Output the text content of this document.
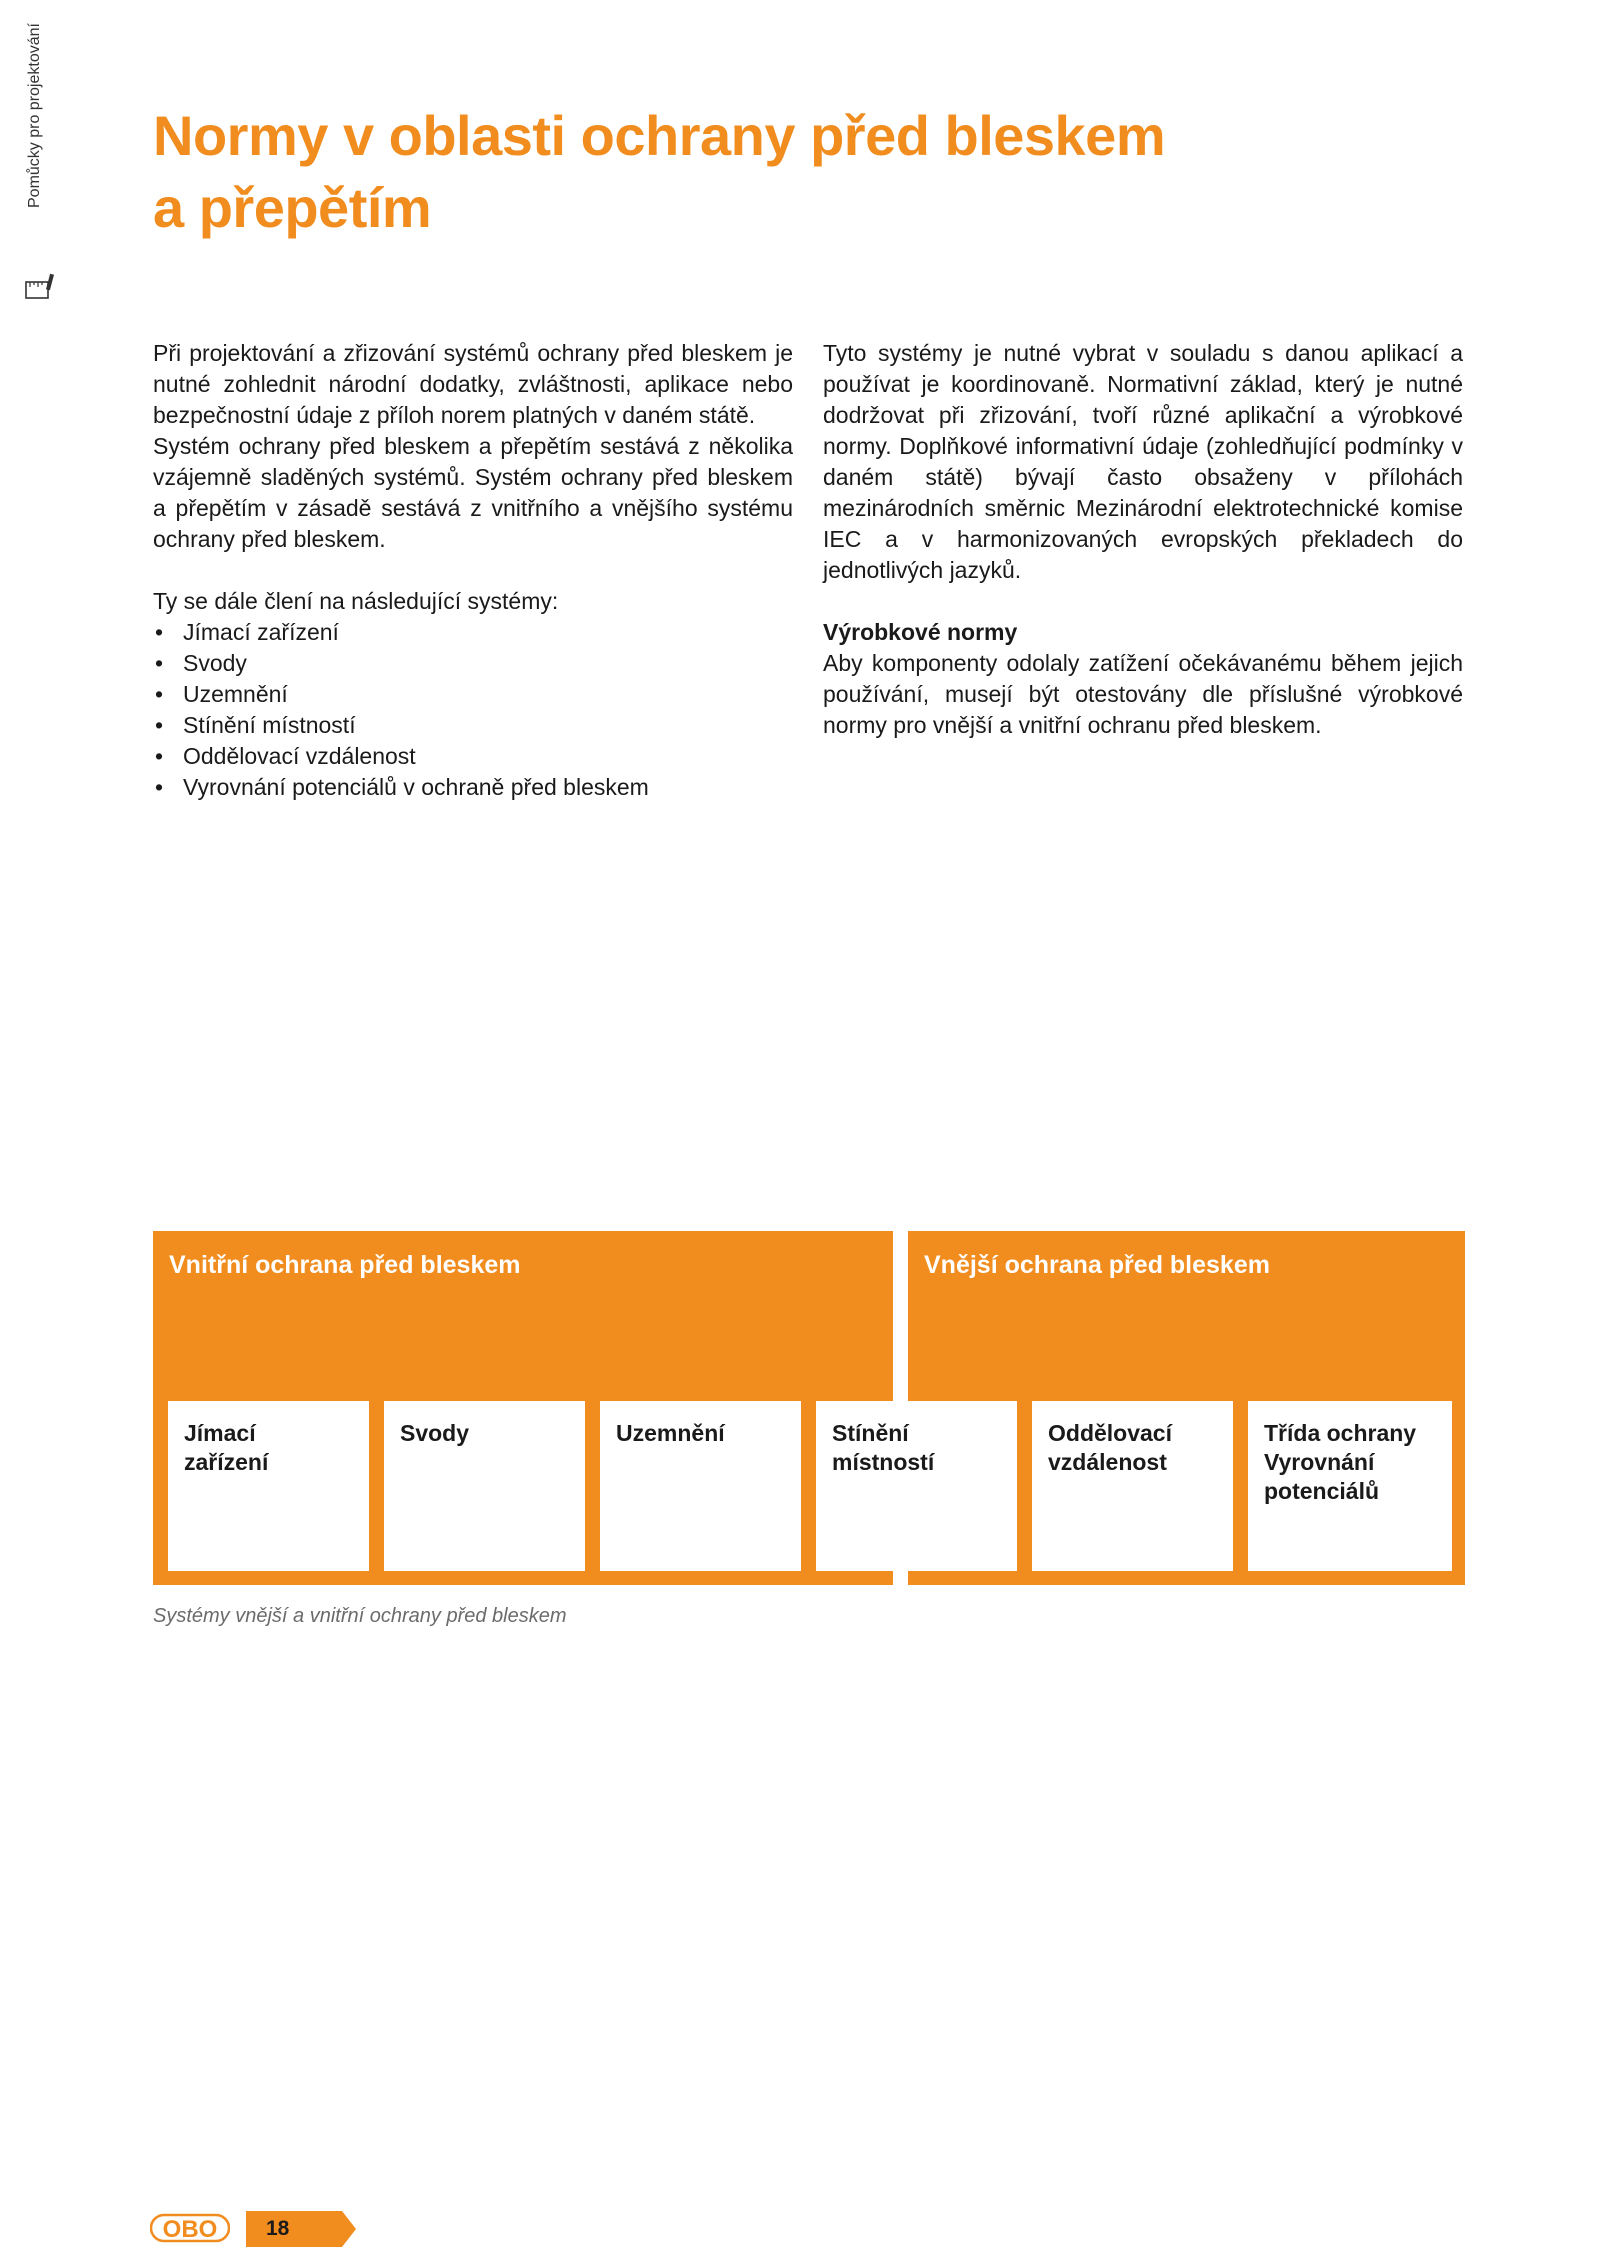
Pomůcky pro projektování Normy v oblasti ochrany před bleskem
a přepětím

Při projektování a zřizování systémů ochrany před bleskem je nutné zohlednit národní dodatky, zvláštnosti, aplikace nebo bezpečnostní údaje z příloh norem platných v daném státě.

Systém ochrany před bleskem a přepětím sestává z několika vzájemně sladěných systémů. Systém ochrany před bleskem a přepětím v zásadě sestává z vnitřního a vnějšího systému ochrany před bleskem.

Ty se dále člení na následující systémy:

• Jímací zařízení
• Svody
• Uzemnění
• Stínění místností
• Oddělovací vzdálenost
• Vyrovnání potenciálů v ochraně před bleskem

Tyto systémy je nutné vybrat v souladu s danou aplikací a používat je koordinovaně. Normativní základ, který je nutné dodržovat při zřizování, tvoří různé aplikační a výrobkové normy. Doplňkové informativní údaje (zohledňující podmínky v daném státě) bývají často obsaženy v přílohách mezinárodních směrnic Mezinárodní elektrotechnické komise IEC a v harmonizovaných evropských překladech do jednotlivých jazyků.

Výrobkové normy

Aby komponenty odolaly zatížení očekávanému během jejich používání, musejí být otestovány dle příslušné výrobkové normy pro vnější a vnitřní ochranu před bleskem.

Vnitřní ochrana před bleskem	Vnější ochrana před bleskem
Jímací
zařízení
Svody	Uzemnění	Stínění
místností
Oddělovací
vzdálenost
Třída ochrany
Vyrovnání
potenciálů
Systémy vnější a vnitřní ochrany před bleskem
OBO 18
